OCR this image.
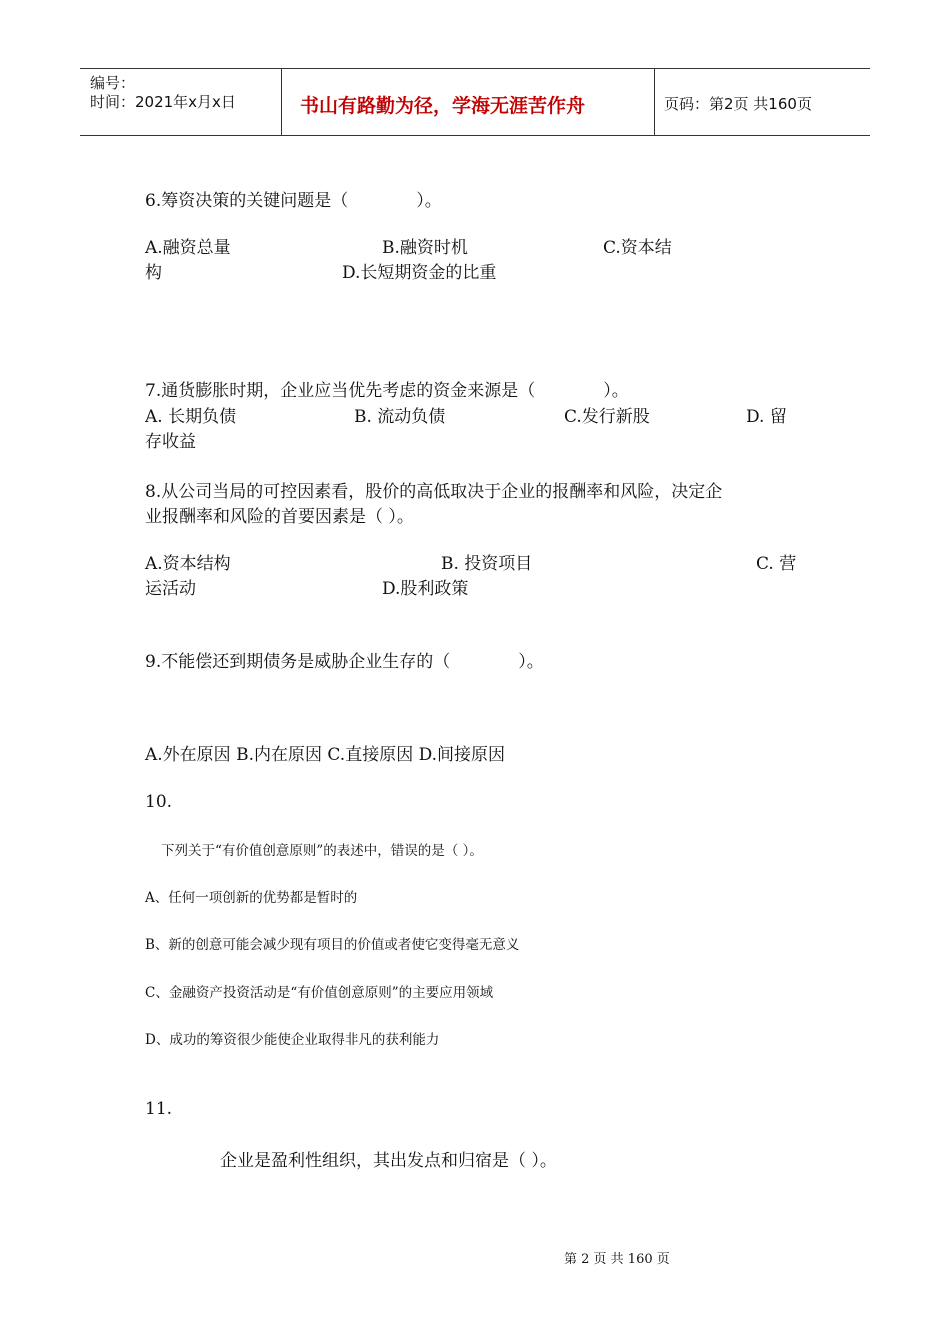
编号：
时间：2021年x月x日	书山有路勤为径，学海无涯苦作舟	页码：第2页 共160页
6.筹资决策的关键问题是（　　　　）。
A.融资总量	B.融资时机	C.资本结
构	D.长短期资金的比重
7.通货膨胀时期，企业应当优先考虑的资金来源是（　　　　）。
A. 长期负债	B. 流动负债	C.发行新股	D. 留
存收益
8.从公司当局的可控因素看，股价的高低取决于企业的报酬率和风险，决定企
业报酬率和风险的首要因素是（ ）。
A.资本结构	B. 投资项目	C. 营
运活动	D.股利政策
9.不能偿还到期债务是威胁企业生存的（　　　　）。
A.外在原因 B.内在原因 C.直接原因 D.间接原因
10.
下列关于“有价值创意原则”的表述中，错误的是（ ）。
A、任何一项创新的优势都是暂时的
B、新的创意可能会减少现有项目的价值或者使它变得毫无意义
C、金融资产投资活动是“有价值创意原则”的主要应用领域
D、成功的筹资很少能使企业取得非凡的获利能力
11.
企业是盈利性组织，其出发点和归宿是（ ）。
第 2 页 共 160 页
